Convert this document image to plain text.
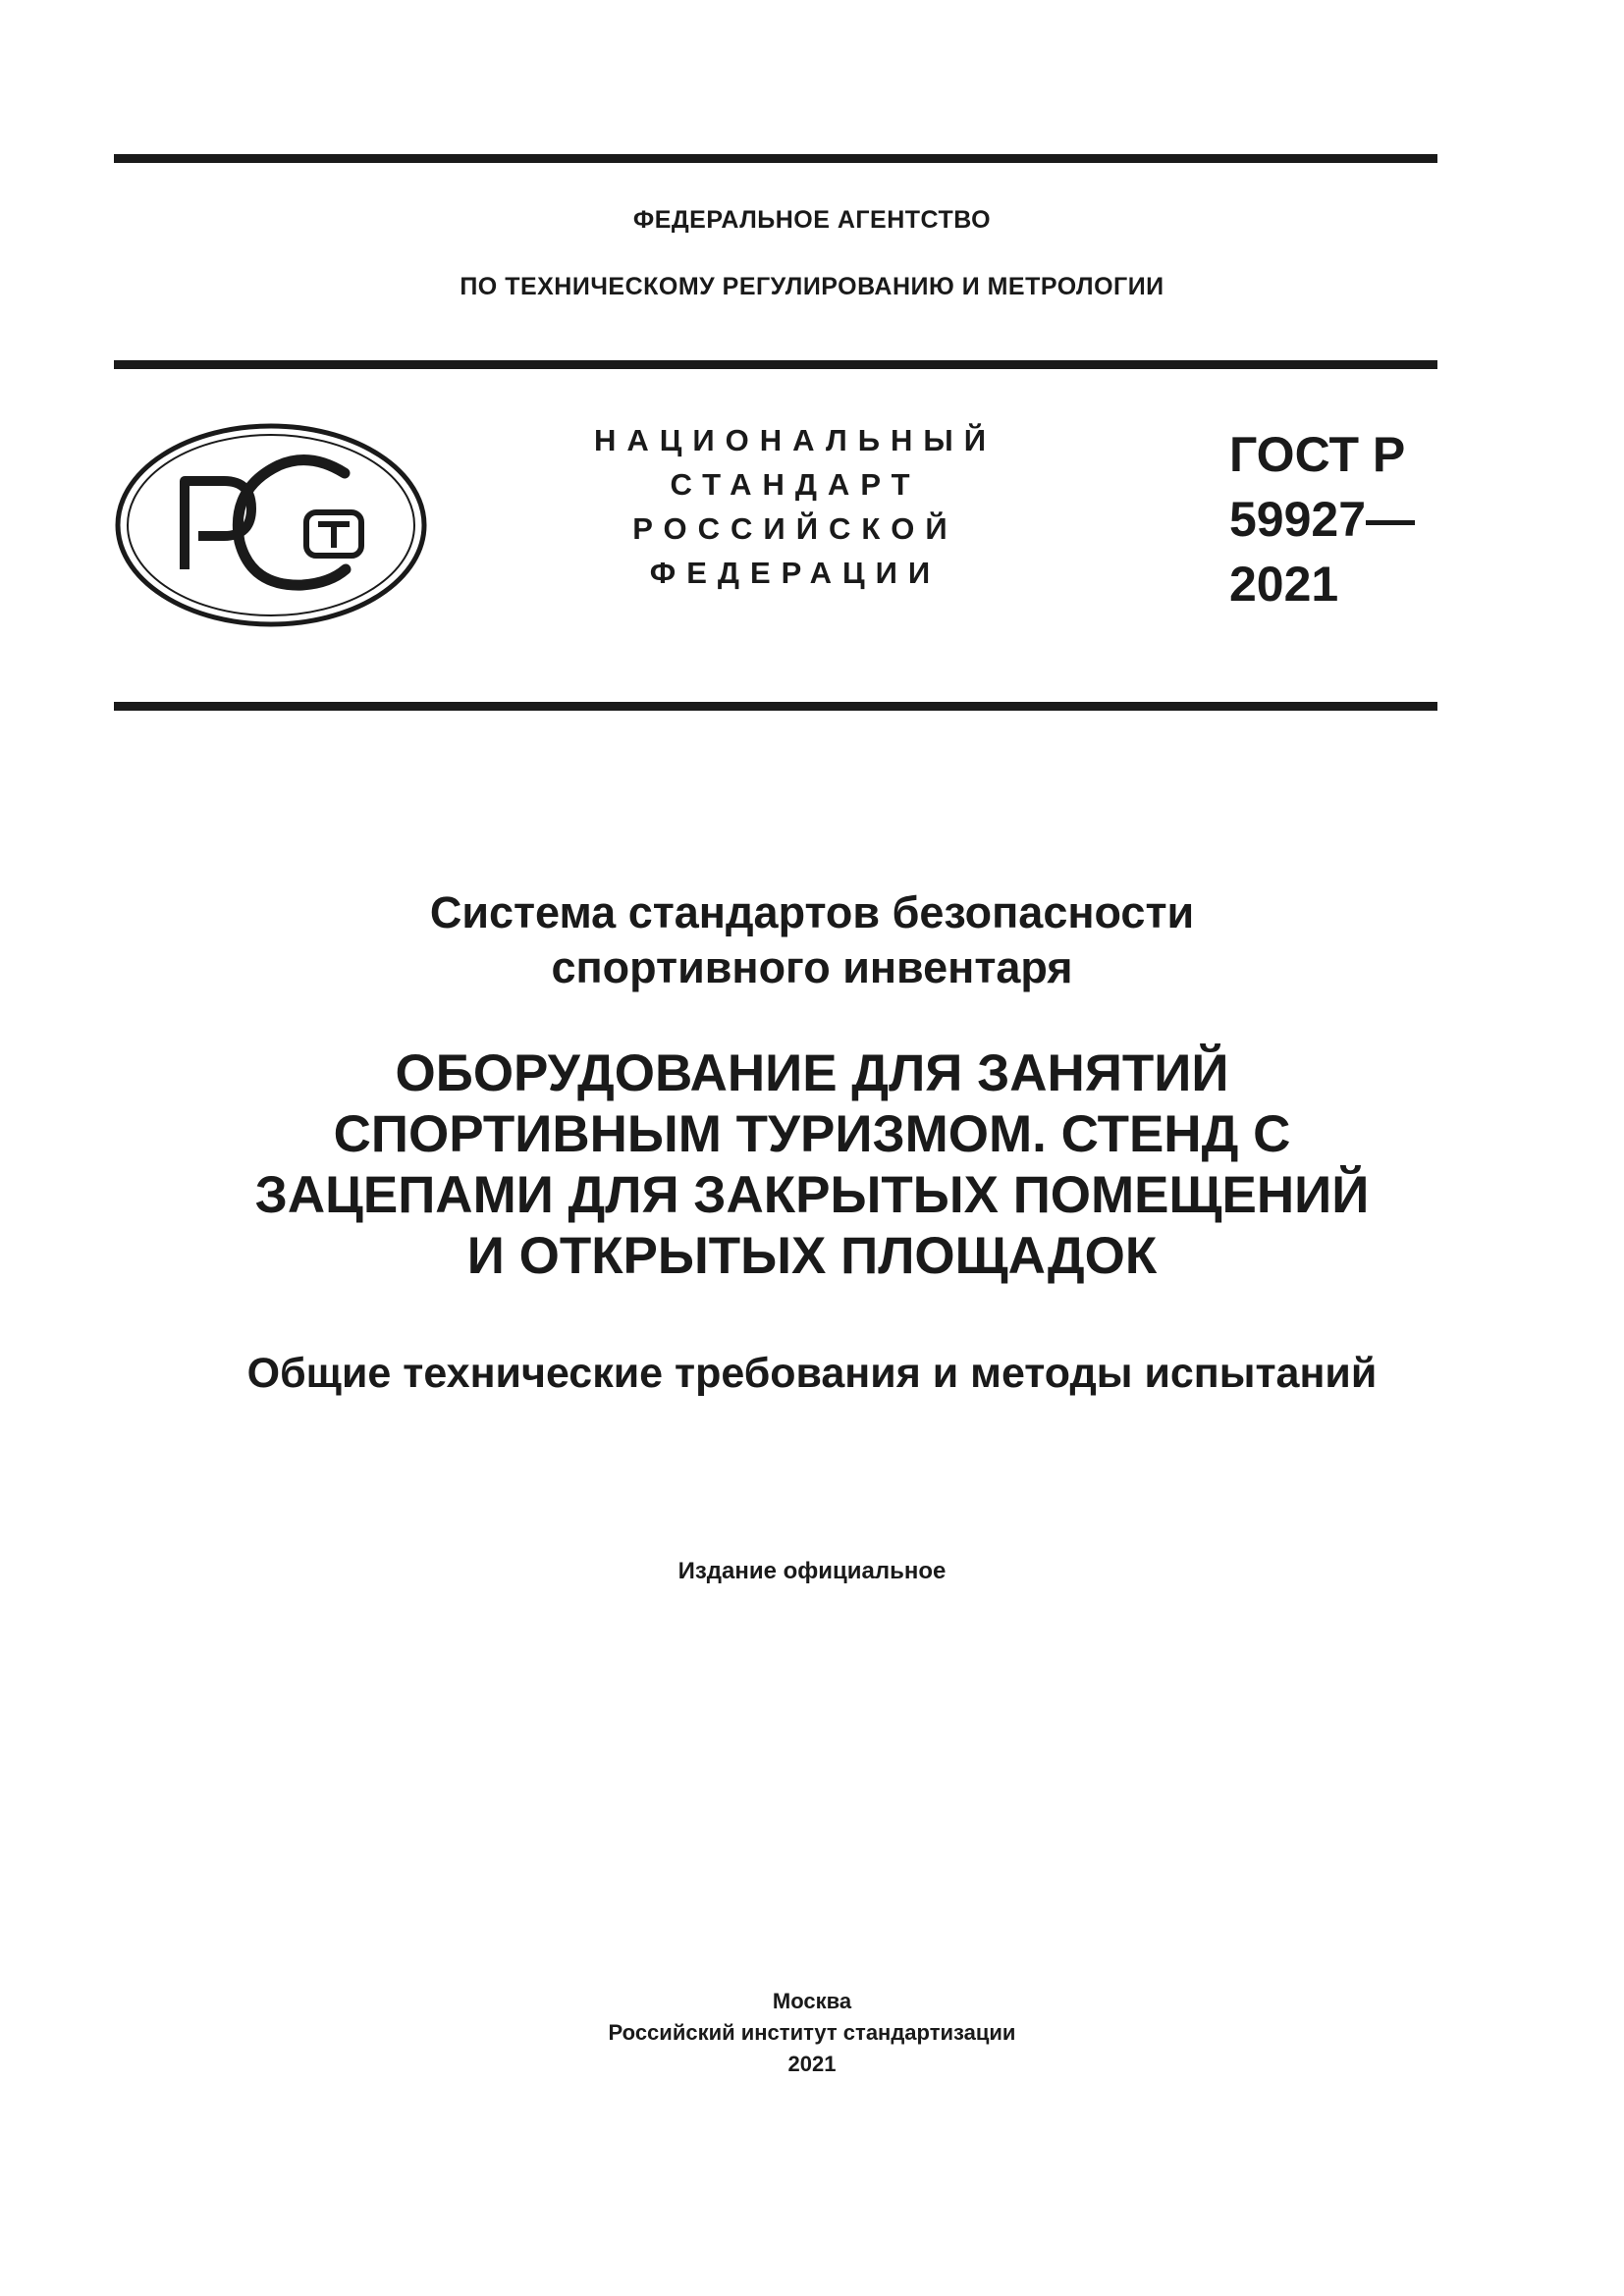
ФЕДЕРАЛЬНОЕ АГЕНТСТВО
ПО ТЕХНИЧЕСКОМУ РЕГУЛИРОВАНИЮ И МЕТРОЛОГИИ
НАЦИОНАЛЬНЫЙ
СТАНДАРТ
РОССИЙСКОЙ
ФЕДЕРАЦИИ
ГОСТ Р
59927—
2021
Система стандартов безопасности
спортивного инвентаря
ОБОРУДОВАНИЕ ДЛЯ ЗАНЯТИЙ
СПОРТИВНЫМ ТУРИЗМОМ. СТЕНД С
ЗАЦЕПАМИ ДЛЯ ЗАКРЫТЫХ ПОМЕЩЕНИЙ
И ОТКРЫТЫХ ПЛОЩАДОК
Общие технические требования и методы испытаний
Издание официальное
Москва
Российский институт стандартизации
2021
